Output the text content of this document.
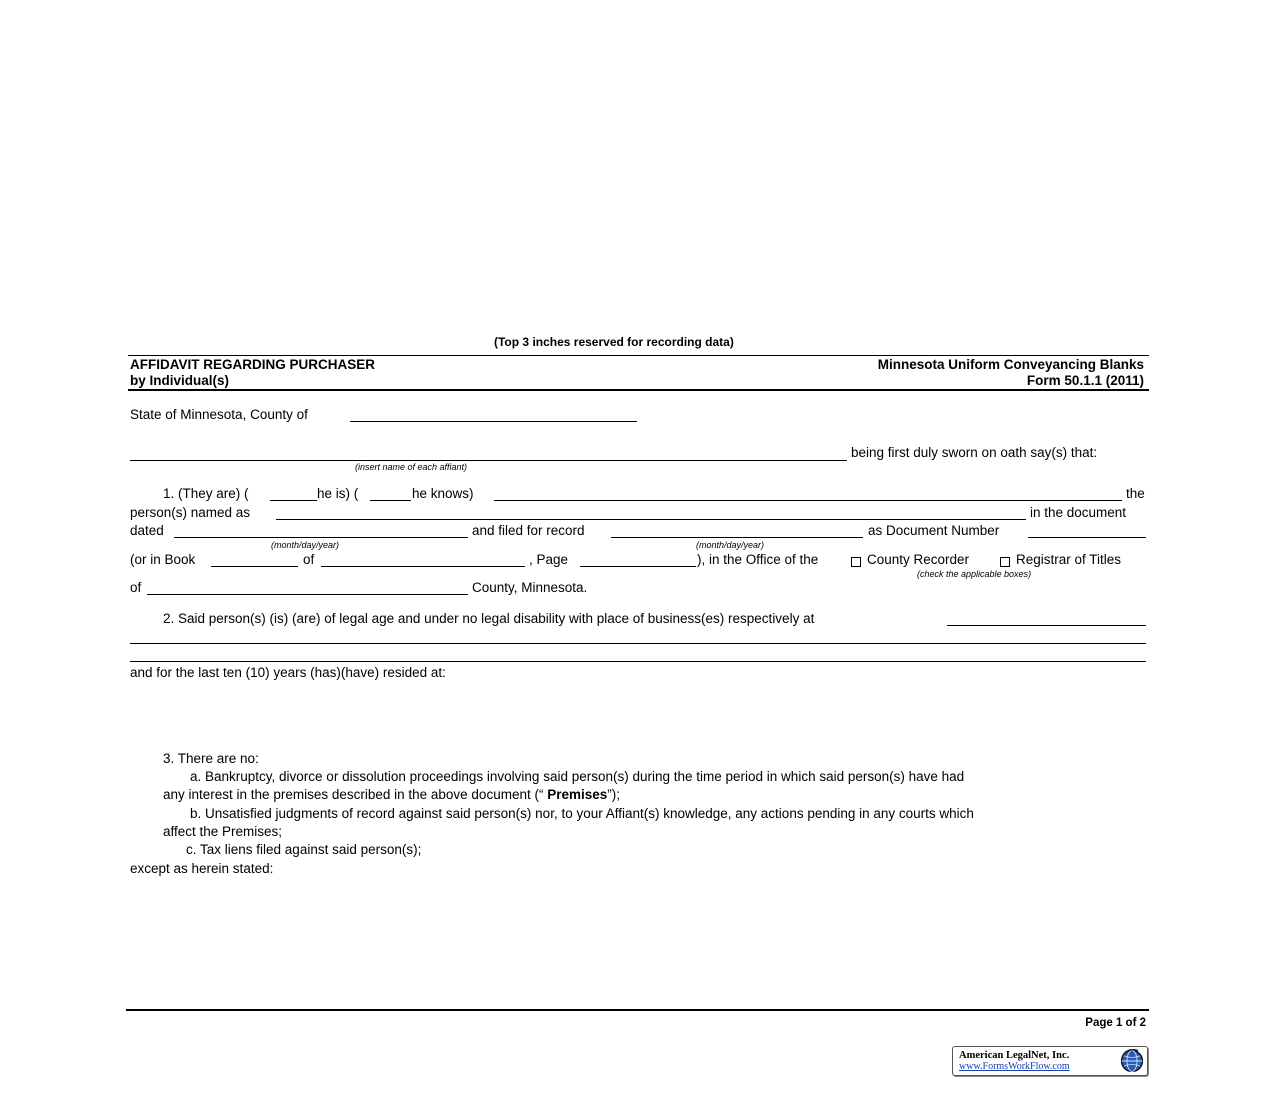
(Top 3 inches reserved for recording data)
AFFIDAVIT REGARDING PURCHASER
by Individual(s)
Minnesota Uniform Conveyancing Blanks
Form 50.1.1 (2011)
State of Minnesota, County of
being first duly sworn on oath say(s) that:
(insert name of each affiant)
1. (They are) (	he is) (	he knows)	the
person(s) named as	in the document
dated	and filed for record	as Document Number
(month/day/year)	(month/day/year)
(or in Book	of	, Page	), in the Office of the	County Recorder	Registrar of Titles
(check the applicable boxes)
of	County, Minnesota.
2. Said person(s) (is) (are) of legal age and under no legal disability with place of business(es) respectively at
and for the last ten (10) years (has)(have) resided at:
3. There are no:
a. Bankruptcy, divorce or dissolution proceedings involving said person(s) during the time period in which said person(s) have had
any interest in the premises described in the above document (“ Premises”);
b. Unsatisfied judgments of record against said person(s) nor, to your Affiant(s) knowledge, any actions pending in any courts which
affect the Premises;
c. Tax liens filed against said person(s);
except as herein stated:
Page 1 of 2
American LegalNet, Inc.
www.FormsWorkFlow.com
